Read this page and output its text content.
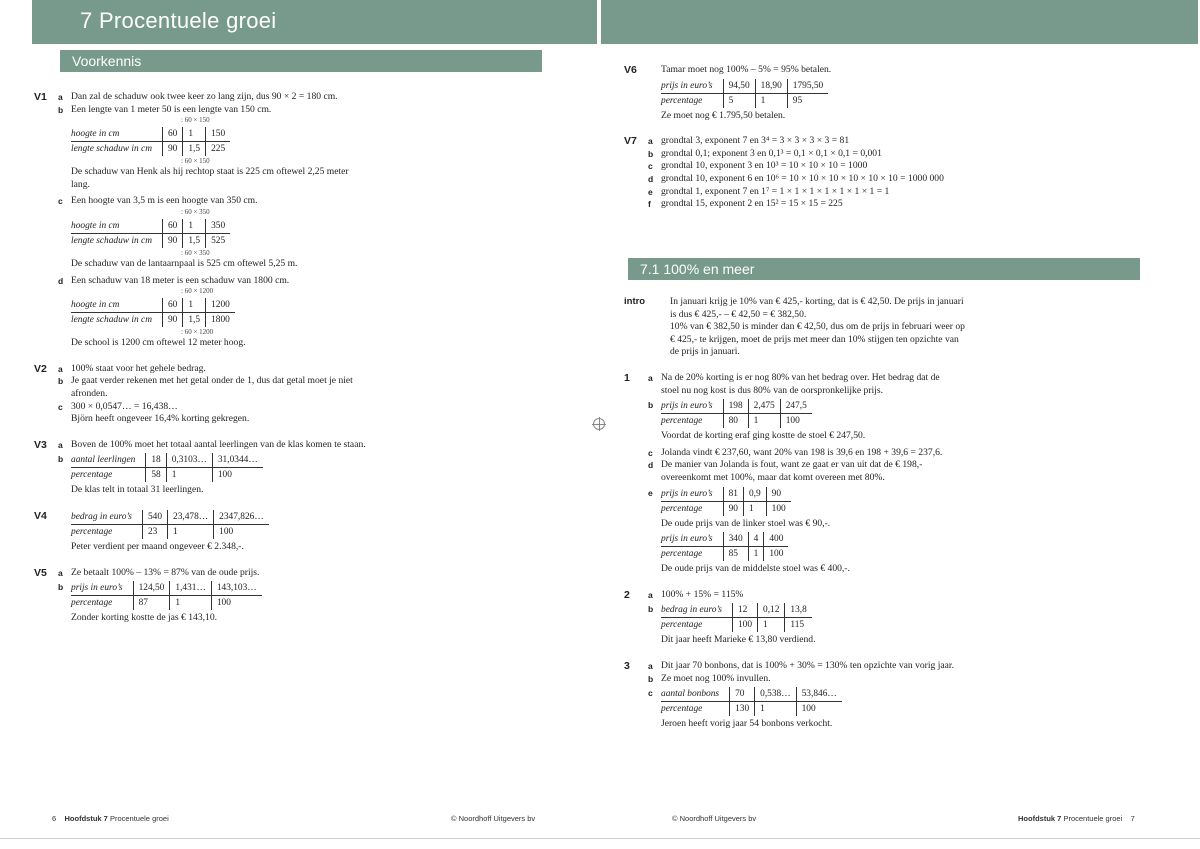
7 Procentuele groei
Voorkennis
V1 a Dan zal de schaduw ook twee keer zo lang zijn, dus 90 × 2 = 180 cm.
b Een lengte van 1 meter 50 is een lengte van 150 cm.
: 60 × 150
hoogte in cm	60	1	150
lengte schaduw in cm	90	1,5	225
: 60 × 150
De schaduw van Henk als hij rechtop staat is 225 cm oftewel 2,25 meter
lang.
c Een hoogte van 3,5 m is een hoogte van 350 cm.
: 60 × 350
hoogte in cm	60	1	350
lengte schaduw in cm	90	1,5	525
: 60 × 350
De schaduw van de lantaarnpaal is 525 cm oftewel 5,25 m.
d Een schaduw van 18 meter is een schaduw van 1800 cm.
: 60 × 1200
hoogte in cm	60	1	1200
lengte schaduw in cm	90	1,5	1800
: 60 × 1200
De school is 1200 cm oftewel 12 meter hoog.
V2 a 100% staat voor het gehele bedrag.
b Je gaat verder rekenen met het getal onder de 1, dus dat getal moet je niet
afronden.
c 300 × 0,0547… = 16,438…
Björn heeft ongeveer 16,4% korting gekregen.
V3 a Boven de 100% moet het totaal aantal leerlingen van de klas komen te staan.
b aantal leerlingen	18	0,3103…	31,0344…
percentage	58	1	100
De klas telt in totaal 31 leerlingen.
V4	bedrag in euro’s	540	23,478…	2347,826…
percentage	23	1	100
Peter verdient per maand ongeveer € 2.348,-.
V5 a Ze betaalt 100% – 13% = 87% van de oude prijs.
b prijs in euro’s	124,50	1,431…	143,103…
percentage	87	1	100
Zonder korting kostte de jas € 143,10.
V6	Tamar moet nog 100% – 5% = 95% betalen.
prijs in euro’s	94,50	18,90	1795,50
percentage	5	1	95
Ze moet nog € 1.795,50 betalen.
V7 a grondtal 3, exponent 7 en 3⁴ = 3 × 3 × 3 × 3 = 81
b grondtal 0,1; exponent 3 en 0,1³ = 0,1 × 0,1 × 0,1 = 0,001
c grondtal 10, exponent 3 en 10³ = 10 × 10 × 10 = 1000
d grondtal 10, exponent 6 en 10⁶ = 10 × 10 × 10 × 10 × 10 × 10 = 1000 000
e grondtal 1, exponent 7 en 1⁷ = 1 × 1 × 1 × 1 × 1 × 1 × 1 = 1
f grondtal 15, exponent 2 en 15² = 15 × 15 = 225
7.1 100% en meer
intro	In januari krijg je 10% van € 425,- korting, dat is € 42,50. De prijs in januari
is dus € 425,- – € 42,50 = € 382,50.
10% van € 382,50 is minder dan € 42,50, dus om de prijs in februari weer op
€ 425,- te krijgen, moet de prijs met meer dan 10% stijgen ten opzichte van
de prijs in januari.
1 a Na de 20% korting is er nog 80% van het bedrag over. Het bedrag dat de
stoel nu nog kost is dus 80% van de oorspronkelijke prijs.
b prijs in euro’s	198	2,475	247,5
percentage	80	1	100
Voordat de korting eraf ging kostte de stoel € 247,50.
c Jolanda vindt € 237,60, want 20% van 198 is 39,6 en 198 + 39,6 = 237,6.
d De manier van Jolanda is fout, want ze gaat er van uit dat de € 198,-
overeenkomt met 100%, maar dat komt overeen met 80%.
e prijs in euro’s	81	0,9	90
percentage	90	1	100
De oude prijs van de linker stoel was € 90,-.
prijs in euro’s	340	4	400
percentage	85	1	100
De oude prijs van de middelste stoel was € 400,-.
2 a 100% + 15% = 115%
b bedrag in euro’s	12	0,12	13,8
percentage	100	1	115
Dit jaar heeft Marieke € 13,80 verdiend.
3 a Dit jaar 70 bonbons, dat is 100% + 30% = 130% ten opzichte van vorig jaar.
b Ze moet nog 100% invullen.
c aantal bonbons	70	0,538…	53,846…
percentage	130	1	100
Jeroen heeft vorig jaar 54 bonbons verkocht.
6 Hoofdstuk 7 Procentuele groei	© Noordhoff Uitgevers bv	© Noordhoff Uitgevers bv	Hoofdstuk 7 Procentuele groei 7
